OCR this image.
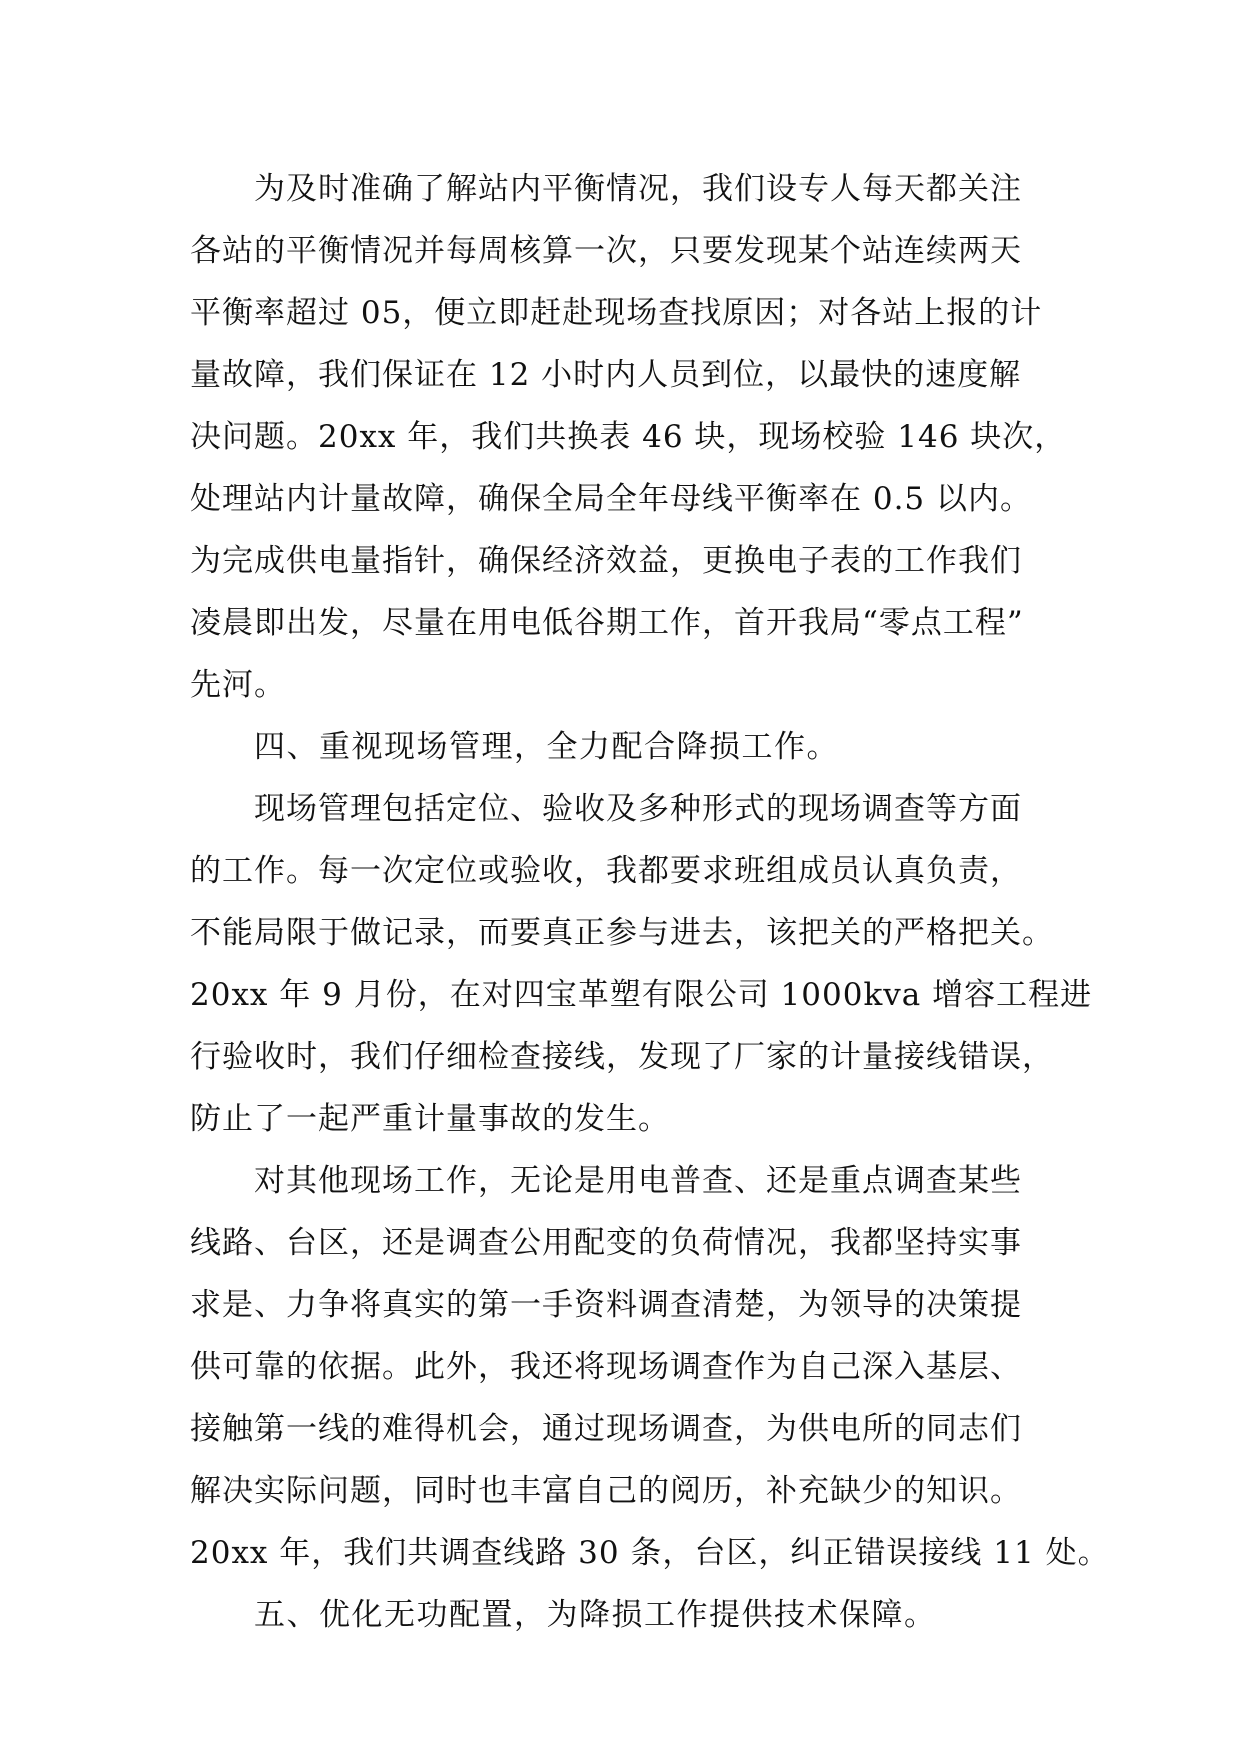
为及时准确了解站内平衡情况，我们设专人每天都关注
各站的平衡情况并每周核算一次，只要发现某个站连续两天
平衡率超过 05，便立即赶赴现场查找原因；对各站上报的计
量故障，我们保证在 12 小时内人员到位，以最快的速度解
决问题。20xx 年，我们共换表 46 块，现场校验 146 块次，
处理站内计量故障，确保全局全年母线平衡率在 0.5 以内。
为完成供电量指针，确保经济效益，更换电子表的工作我们
凌晨即出发，尽量在用电低谷期工作，首开我局“零点工程”
先河。
四、重视现场管理，全力配合降损工作。
现场管理包括定位、验收及多种形式的现场调查等方面
的工作。每一次定位或验收，我都要求班组成员认真负责，
不能局限于做记录，而要真正参与进去，该把关的严格把关。
20xx 年 9 月份，在对四宝革塑有限公司 1000kva 增容工程进
行验收时，我们仔细检查接线，发现了厂家的计量接线错误，
防止了一起严重计量事故的发生。
对其他现场工作，无论是用电普查、还是重点调查某些
线路、台区，还是调查公用配变的负荷情况，我都坚持实事
求是、力争将真实的第一手资料调查清楚，为领导的决策提
供可靠的依据。此外，我还将现场调查作为自己深入基层、
接触第一线的难得机会，通过现场调查，为供电所的同志们
解决实际问题，同时也丰富自己的阅历，补充缺少的知识。
20xx 年，我们共调查线路 30 条，台区，纠正错误接线 11 处。
五、优化无功配置，为降损工作提供技术保障。
